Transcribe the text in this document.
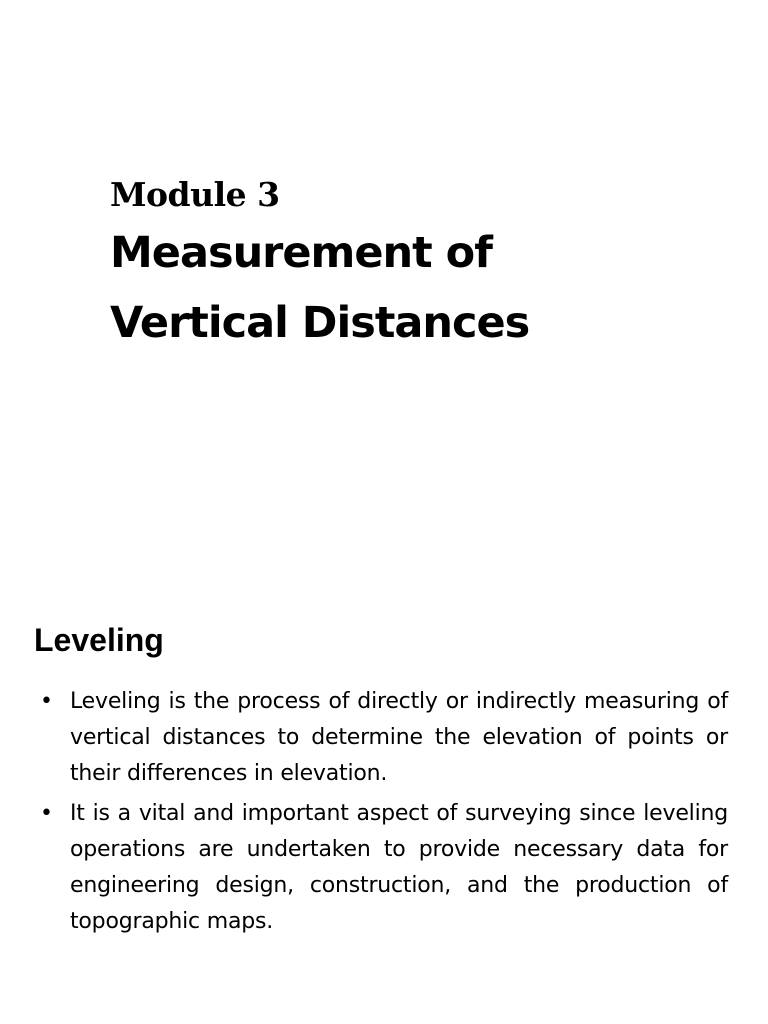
Module 3
Measurement of
Vertical Distances
Leveling
• Leveling is the process of directly or indirectly measuring of vertical distances to determine the elevation of points or their differences in elevation.
• It is a vital and important aspect of surveying since leveling operations are undertaken to provide necessary data for engineering design, construction, and the production of topographic maps.
